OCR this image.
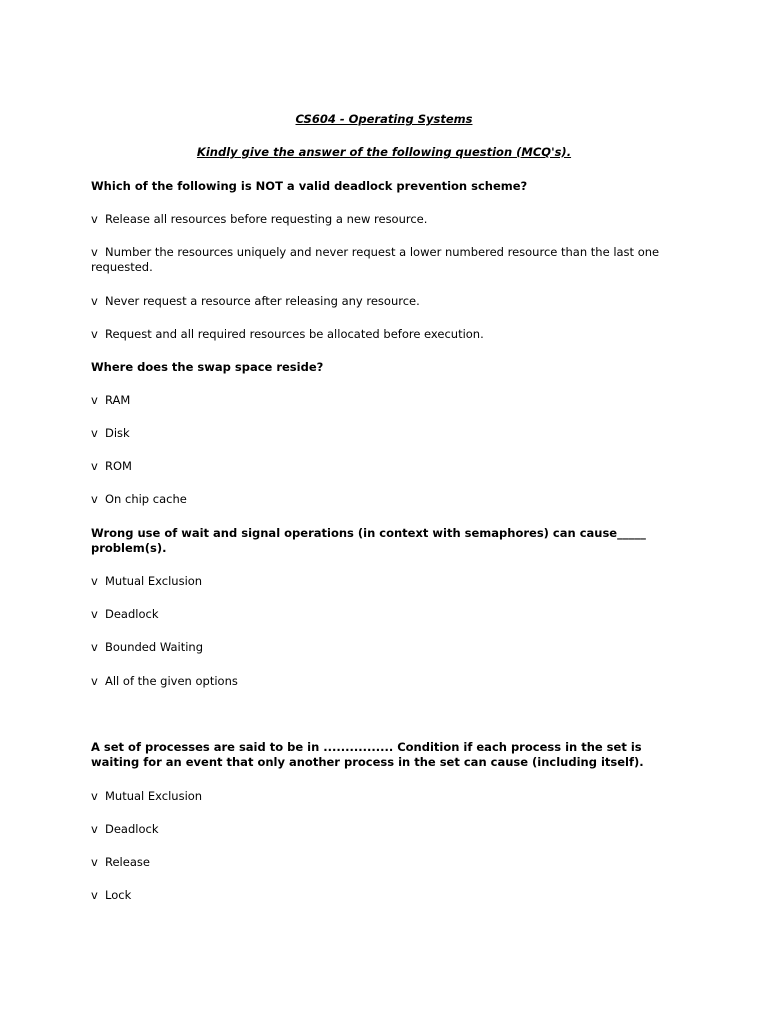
CS604 - Operating Systems
Kindly give the answer of the following question (MCQ's).
Which of the following is NOT a valid deadlock prevention scheme?
v Release all resources before requesting a new resource.
v Number the resources uniquely and never request a lower numbered resource than the last one requested.
v Never request a resource after releasing any resource.
v Request and all required resources be allocated before execution.
Where does the swap space reside?
v RAM
v Disk
v ROM
v On chip cache
Wrong use of wait and signal operations (in context with semaphores) can cause_____ problem(s).
v Mutual Exclusion
v Deadlock
v Bounded Waiting
v All of the given options
A set of processes are said to be in ................ Condition if each process in the set is waiting for an event that only another process in the set can cause (including itself).
v Mutual Exclusion
v Deadlock
v Release
v Lock
